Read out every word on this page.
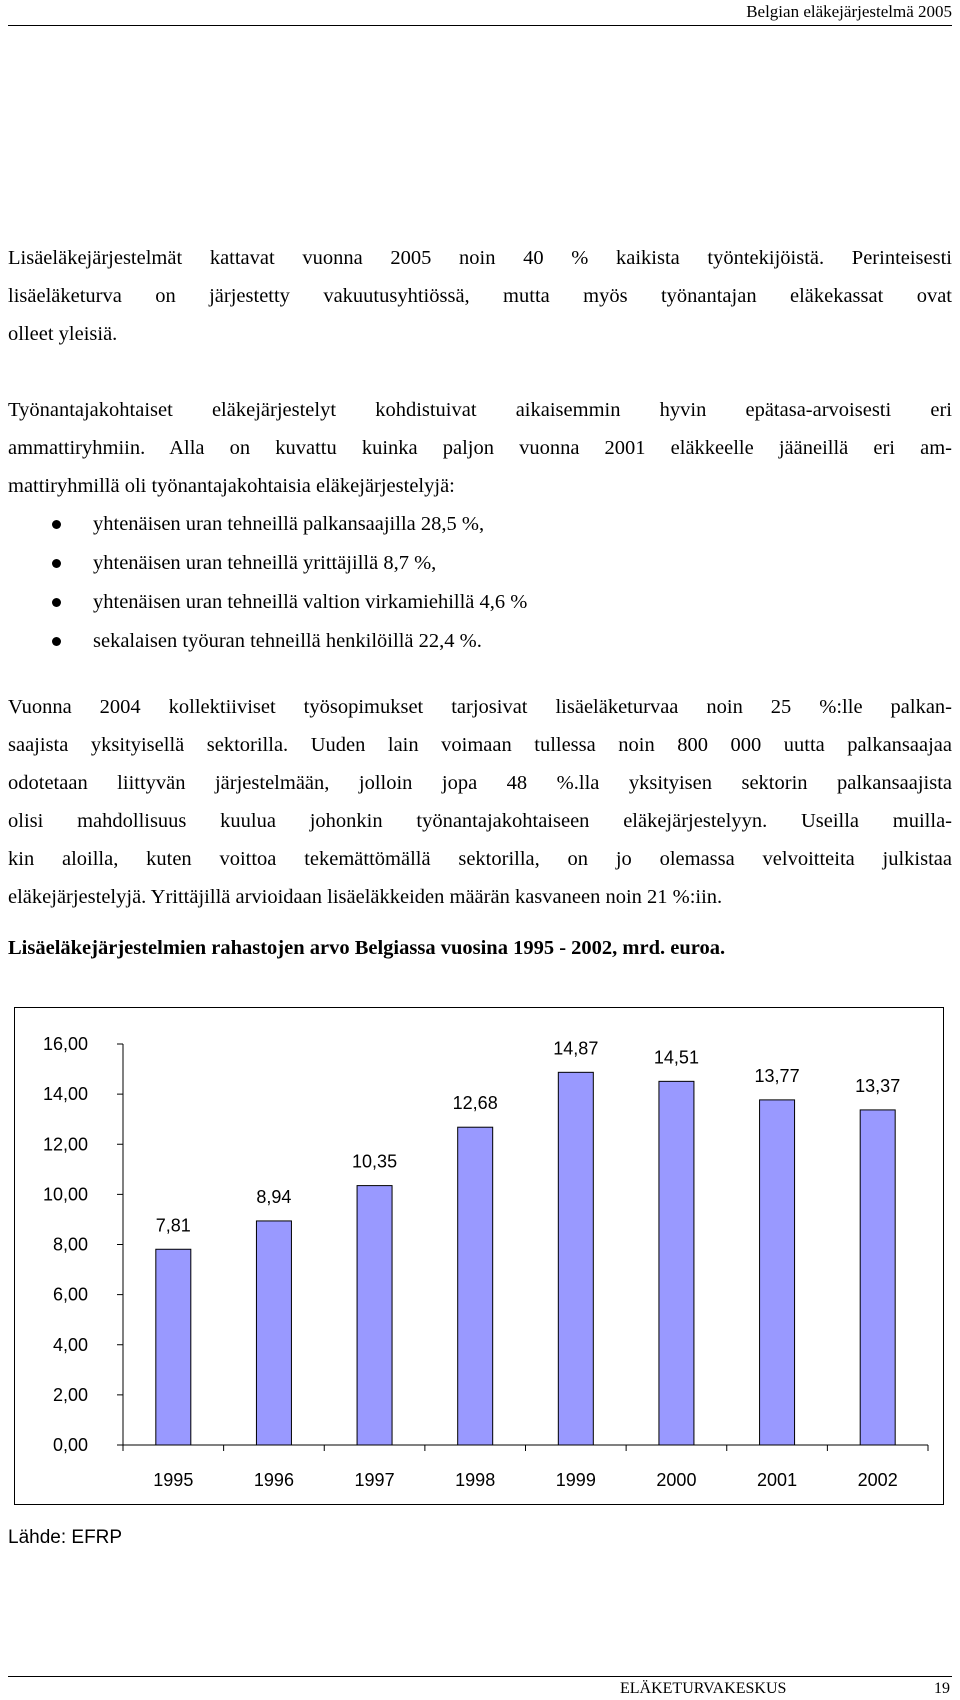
Belgian eläkejärjestelmä 2005
Lisäeläkejärjestelmät kattavat vuonna 2005 noin 40 % kaikista työntekijöistä. Perinteisesti
lisäeläketurva on järjestetty vakuutusyhtiössä, mutta myös työnantajan eläkekassat ovat
olleet yleisiä.
Työnantajakohtaiset eläkejärjestelyt kohdistuivat aikaisemmin hyvin epätasa-arvoisesti eri
ammattiryhmiin. Alla on kuvattu kuinka paljon vuonna 2001 eläkkeelle jääneillä eri am-
mattiryhmillä oli työnantajakohtaisia eläkejärjestelyjä:
yhtenäisen uran tehneillä palkansaajilla 28,5 %,
yhtenäisen uran tehneillä yrittäjillä 8,7 %,
yhtenäisen uran tehneillä valtion virkamiehillä 4,6 %
sekalaisen työuran tehneillä henkilöillä 22,4 %.
Vuonna 2004 kollektiiviset työsopimukset tarjosivat lisäeläketurvaa noin 25 %:lle palkan-
saajista yksityisellä sektorilla. Uuden lain voimaan tullessa noin 800 000 uutta palkansaajaa
odotetaan liittyvän järjestelmään, jolloin jopa 48 %.lla yksityisen sektorin palkansaajista
olisi mahdollisuus kuulua johonkin työnantajakohtaiseen eläkejärjestelyyn. Useilla muilla-
kin aloilla, kuten voittoa tekemättömällä sektorilla, on jo olemassa velvoitteita julkistaa
eläkejärjestelyjä. Yrittäjillä arvioidaan lisäeläkkeiden määrän kasvaneen noin 21 %:iin.
Lisäeläkejärjestelmien rahastojen arvo Belgiassa vuosina 1995 - 2002, mrd. euroa.
0,00
2,00
4,00
6,00
8,00
10,00
12,00
14,00
16,00
7,81
1995
8,94
1996
10,35
1997
12,68
1998
14,87
1999
14,51
2000
13,77
2001
13,37
2002
Lähde: EFRP
ELÄKETURVAKESKUS	19
